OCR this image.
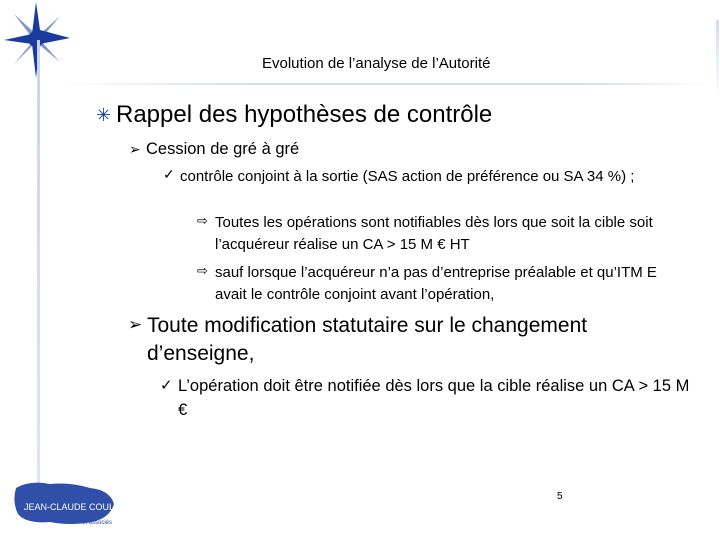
Evolution de l’analyse de l’Autorité
✳ Rappel des hypothèses de contrôle
➢ Cession de gré à gré
✓ contrôle conjoint à la sortie (SAS action de préférence ou SA 34 %) ;
⇨ Toutes les opérations sont notifiables dès lors que soit la cible soit l’acquéreur réalise un CA > 15 M € HT
⇨ sauf lorsque l’acquéreur n’a pas d’entreprise préalable et qu’ITM E avait le contrôle conjoint avant l’opération,
➢ Toute modification statutaire sur le changement d’enseigne,
✓ L’opération doit être notifiée dès lors que la cible réalise un CA > 15 M €
5
JEAN-CLAUDE COULON
et associés
